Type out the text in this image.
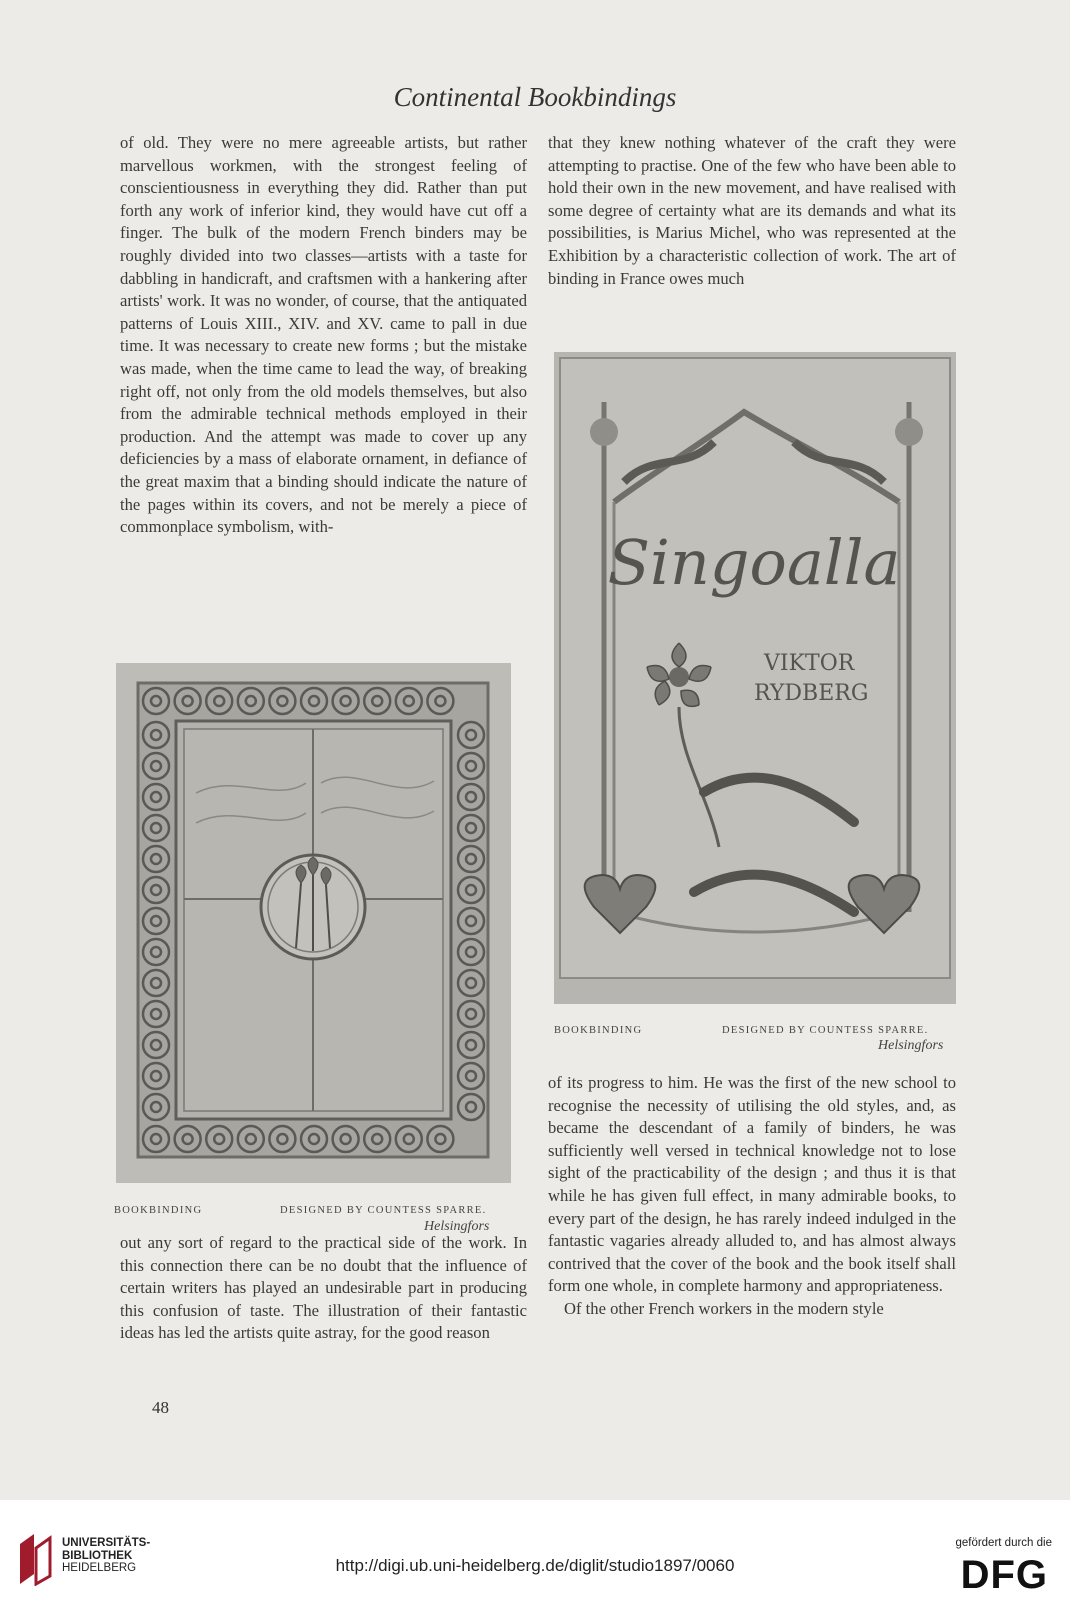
Continental Bookbindings

of old. They were no mere agreeable artists, but rather marvellous workmen, with the strongest feeling of conscientiousness in everything they did. Rather than put forth any work of inferior kind, they would have cut off a finger. The bulk of the modern French binders may be roughly divided into two classes—artists with a taste for dabbling in handicraft, and craftsmen with a hankering after artists' work. It was no wonder, of course, that the antiquated patterns of Louis XIII., XIV. and XV. came to pall in due time. It was necessary to create new forms ; but the mistake was made, when the time came to lead the way, of breaking right off, not only from the old models themselves, but also from the admirable technical methods employed in their production. And the attempt was made to cover up any deficiencies by a mass of elaborate ornament, in defiance of the great maxim that a binding should indicate the nature of the pages within its covers, and not be merely a piece of commonplace symbolism, with-

that they knew nothing whatever of the craft they were attempting to practise. One of the few who have been able to hold their own in the new movement, and have realised with some degree of certainty what are its demands and what its possibilities, is Marius Michel, who was represented at the Exhibition by a characteristic collection of work. The art of binding in France owes much

BOOKBINDING	DESIGNED BY COUNTESS SPARRE.
Helsingfors
Singoalla
VIKTOR
RYDBERG
BOOKBINDING	DESIGNED BY COUNTESS SPARRE.
Helsingfors

out any sort of regard to the practical side of the work. In this connection there can be no doubt that the influence of certain writers has played an undesirable part in producing this confusion of taste. The illustration of their fantastic ideas has led the artists quite astray, for the good reason

of its progress to him. He was the first of the new school to recognise the necessity of utilising the old styles, and, as became the descendant of a family of binders, he was sufficiently well versed in technical knowledge not to lose sight of the practicability of the design ; and thus it is that while he has given full effect, in many admirable books, to every part of the design, he has rarely indeed indulged in the fantastic vagaries already alluded to, and has almost always contrived that the cover of the book and the book itself shall form one whole, in complete harmony and appropriateness.

Of the other French workers in the modern style

48
UNIVERSITÄTS-
BIBLIOTHEK
HEIDELBERG	http://digi.ub.uni-heidelberg.de/diglit/studio1897/0060
gefördert durch die
DFG
